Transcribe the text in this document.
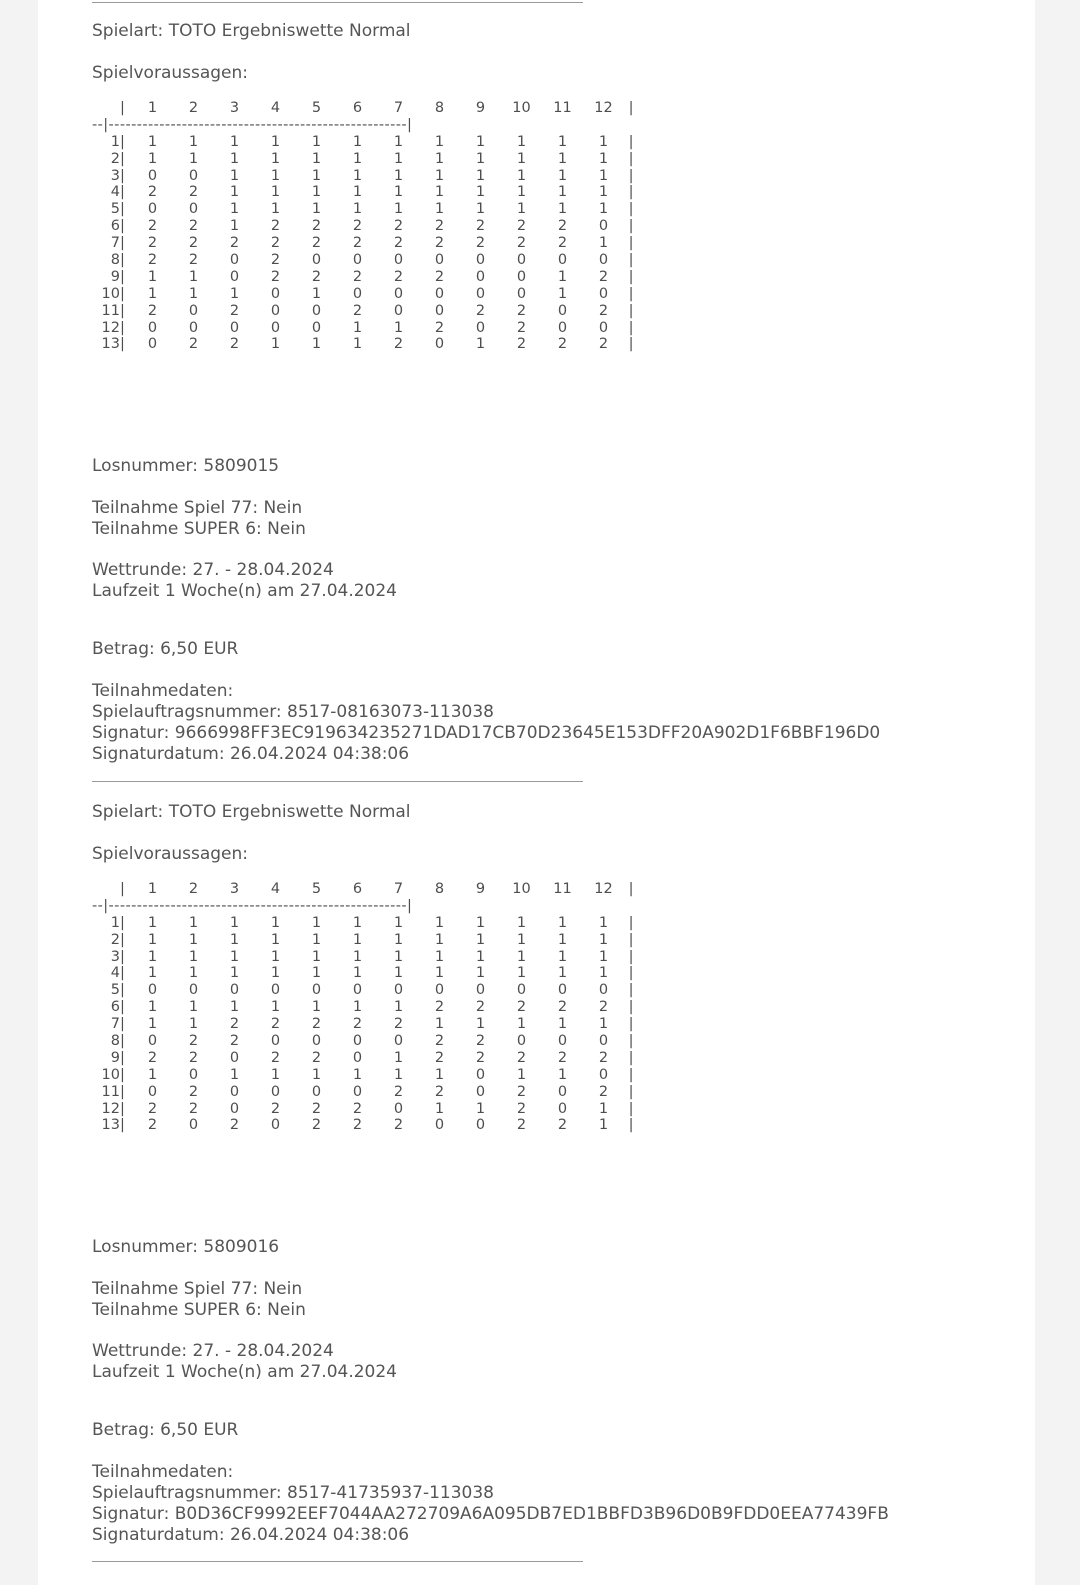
Spielart: TOTO Ergebniswette Normal
Spielvoraussagen:
| 1 2 3 4 5 6 7 8 9 10 11 12 |
--|-----------------------------------------------------|
1| 1 1 1 1 1 1 1 1 1 1 1 1 |
2| 1 1 1 1 1 1 1 1 1 1 1 1 |
3| 0 0 1 1 1 1 1 1 1 1 1 1 |
4| 2 2 1 1 1 1 1 1 1 1 1 1 |
5| 0 0 1 1 1 1 1 1 1 1 1 1 |
6| 2 2 1 2 2 2 2 2 2 2 2 0 |
7| 2 2 2 2 2 2 2 2 2 2 2 1 |
8| 2 2 0 2 0 0 0 0 0 0 0 0 |
9| 1 1 0 2 2 2 2 2 0 0 1 2 |
10| 1 1 1 0 1 0 0 0 0 0 1 0 |
11| 2 0 2 0 0 2 0 0 2 2 0 2 |
12| 0 0 0 0 0 1 1 2 0 2 0 0 |
13| 0 2 2 1 1 1 2 0 1 2 2 2 |
Losnummer: 5809015
Teilnahme Spiel 77: Nein
Teilnahme SUPER 6: Nein
Wettrunde: 27. - 28.04.2024
Laufzeit 1 Woche(n) am 27.04.2024
Betrag: 6,50 EUR
Teilnahmedaten:
Spielauftragsnummer: 8517-08163073-113038
Signatur: 9666998FF3EC919634235271DAD17CB70D23645E153DFF20A902D1F6BBF196D0
Signaturdatum: 26.04.2024 04:38:06
Spielart: TOTO Ergebniswette Normal
Spielvoraussagen:
| 1 2 3 4 5 6 7 8 9 10 11 12 |
--|-----------------------------------------------------|
1| 1 1 1 1 1 1 1 1 1 1 1 1 |
2| 1 1 1 1 1 1 1 1 1 1 1 1 |
3| 1 1 1 1 1 1 1 1 1 1 1 1 |
4| 1 1 1 1 1 1 1 1 1 1 1 1 |
5| 0 0 0 0 0 0 0 0 0 0 0 0 |
6| 1 1 1 1 1 1 1 2 2 2 2 2 |
7| 1 1 2 2 2 2 2 1 1 1 1 1 |
8| 0 2 2 0 0 0 0 2 2 0 0 0 |
9| 2 2 0 2 2 0 1 2 2 2 2 2 |
10| 1 0 1 1 1 1 1 1 0 1 1 0 |
11| 0 2 0 0 0 0 2 2 0 2 0 2 |
12| 2 2 0 2 2 2 0 1 1 2 0 1 |
13| 2 0 2 0 2 2 2 0 0 2 2 1 |
Losnummer: 5809016
Teilnahme Spiel 77: Nein
Teilnahme SUPER 6: Nein
Wettrunde: 27. - 28.04.2024
Laufzeit 1 Woche(n) am 27.04.2024
Betrag: 6,50 EUR
Teilnahmedaten:
Spielauftragsnummer: 8517-41735937-113038
Signatur: B0D36CF9992EEF7044AA272709A6A095DB7ED1BBFD3B96D0B9FDD0EEA77439FB
Signaturdatum: 26.04.2024 04:38:06
